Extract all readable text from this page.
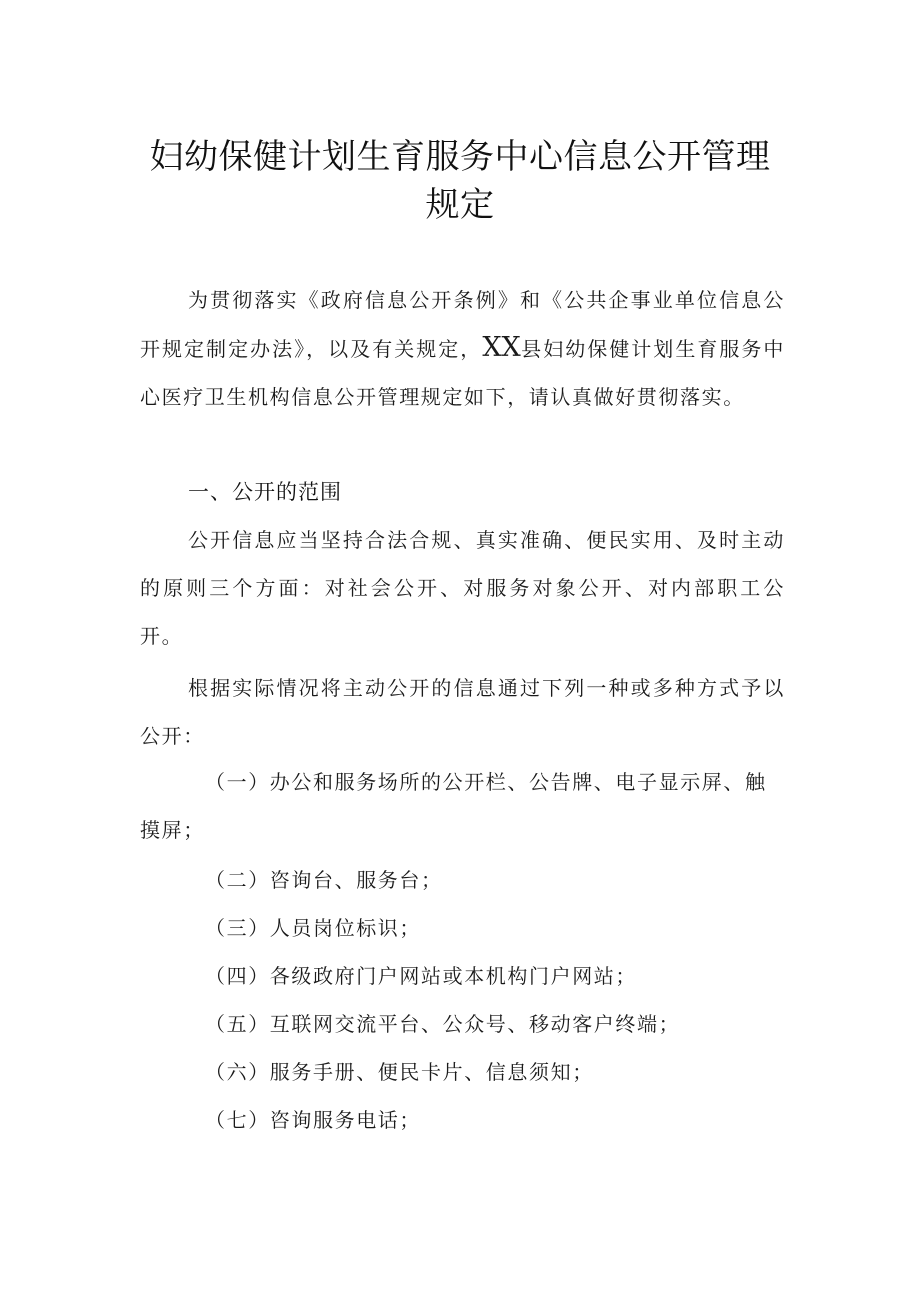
妇幼保健计划生育服务中心信息公开管理
规定
为贯彻落实《政府信息公开条例》和《公共企事业单位信息公开规定制定办法》，以及有关规定，XX县妇幼保健计划生育服务中心医疗卫生机构信息公开管理规定如下，请认真做好贯彻落实。
一、公开的范围
公开信息应当坚持合法合规、真实准确、便民实用、及时主动的原则三个方面：对社会公开、对服务对象公开、对内部职工公开。
根据实际情况将主动公开的信息通过下列一种或多种方式予以公开：
（一）办公和服务场所的公开栏、公告牌、电子显示屏、触摸屏；
（二）咨询台、服务台；
（三）人员岗位标识；
（四）各级政府门户网站或本机构门户网站；
（五）互联网交流平台、公众号、移动客户终端；
（六）服务手册、便民卡片、信息须知；
（七）咨询服务电话；
